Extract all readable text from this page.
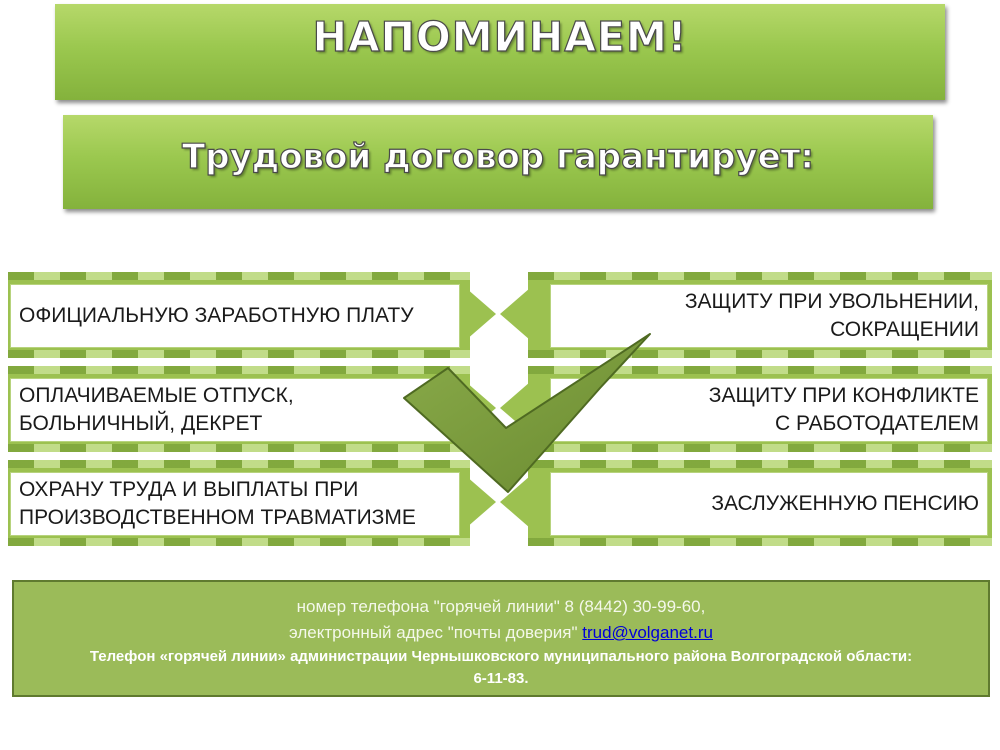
НАПОМИНАЕМ!
Трудовой договор гарантирует:
ОФИЦИАЛЬНУЮ ЗАРАБОТНУЮ ПЛАТУ
ОПЛАЧИВАЕМЫЕ ОТПУСК,
БОЛЬНИЧНЫЙ, ДЕКРЕТ
ОХРАНУ ТРУДА И ВЫПЛАТЫ ПРИ
ПРОИЗВОДСТВЕННОМ ТРАВМАТИЗМЕ
ЗАЩИТУ ПРИ УВОЛЬНЕНИИ,
СОКРАЩЕНИИ
ЗАЩИТУ ПРИ КОНФЛИКТЕ
С РАБОТОДАТЕЛЕМ
ЗАСЛУЖЕННУЮ ПЕНСИЮ
номер телефона "горячей линии" 8 (8442) 30-99-60,
электронный адрес "почты доверия" trud@volganet.ru
Телефон «горячей линии» администрации Чернышковского муниципального района Волгоградской области:
6-11-83.
